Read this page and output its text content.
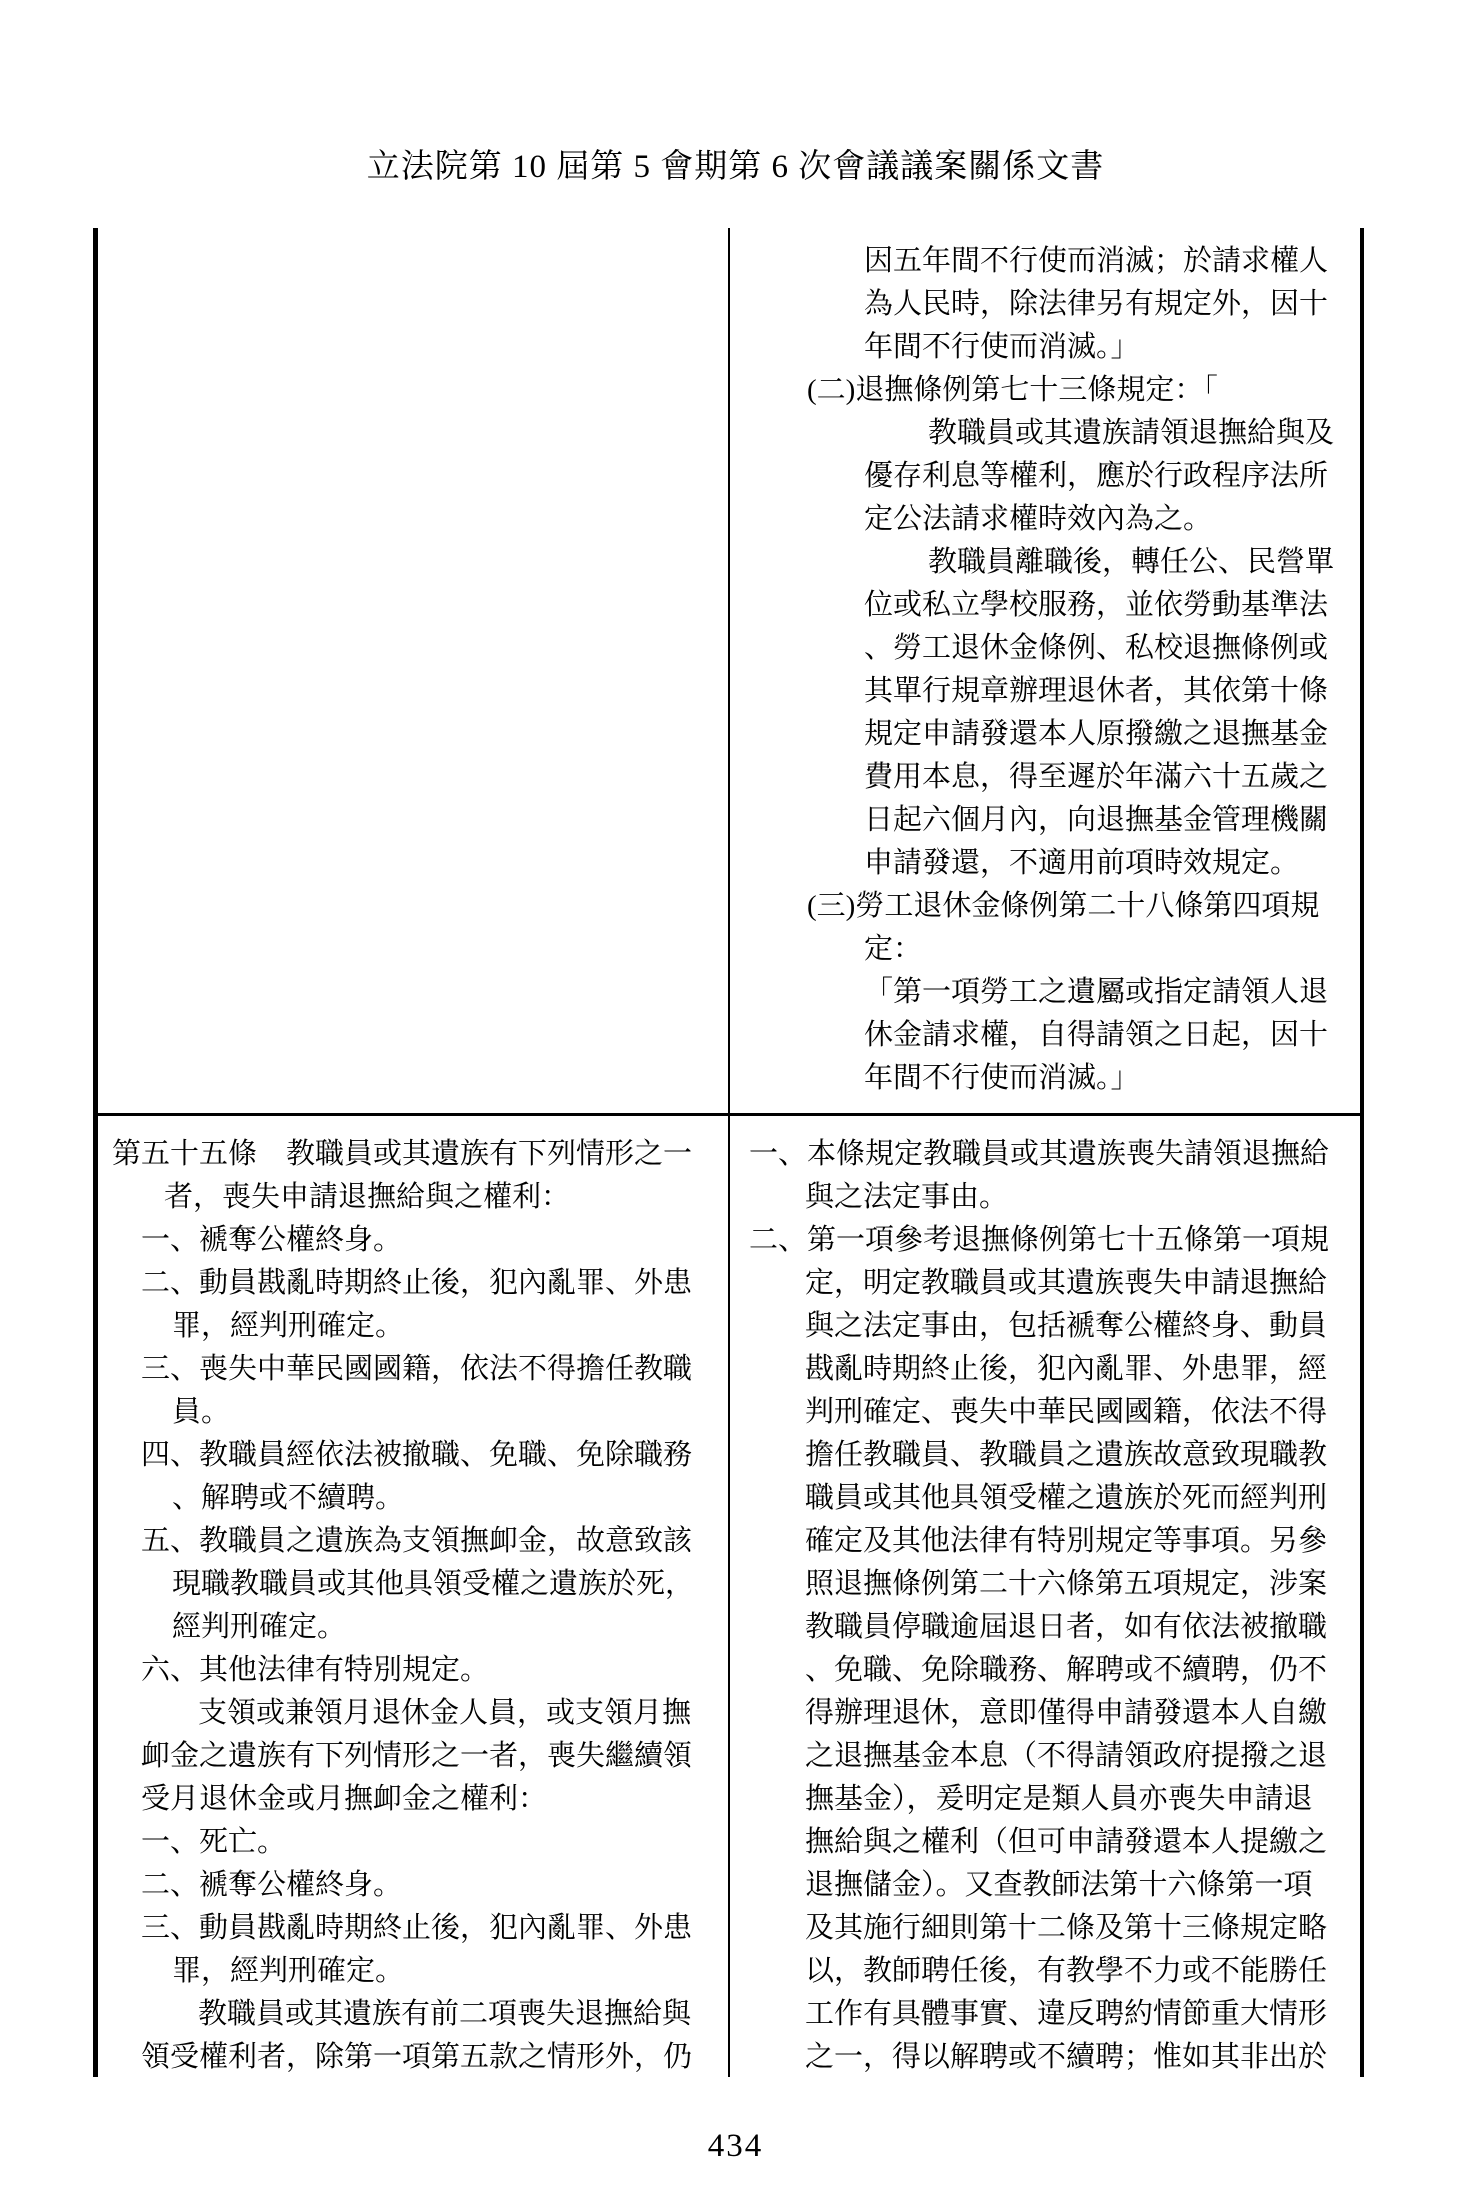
立法院第 10 屆第 5 會期第 6 次會議議案關係文書
因五年間不行使而消滅；於請求權人
為人民時，除法律另有規定外，因十
年間不行使而消滅。」
(二)退撫條例第七十三條規定：「
教職員或其遺族請領退撫給與及
優存利息等權利，應於行政程序法所
定公法請求權時效內為之。
教職員離職後，轉任公、民營單
位或私立學校服務，並依勞動基準法
、勞工退休金條例、私校退撫條例或
其單行規章辦理退休者，其依第十條
規定申請發還本人原撥繳之退撫基金
費用本息，得至遲於年滿六十五歲之
日起六個月內，向退撫基金管理機關
申請發還，不適用前項時效規定。
(三)勞工退休金條例第二十八條第四項規
定：
「第一項勞工之遺屬或指定請領人退
休金請求權，自得請領之日起，因十
年間不行使而消滅。」
第五十五條　教職員或其遺族有下列情形之一
者，喪失申請退撫給與之權利：
一、褫奪公權終身。
二、動員戡亂時期終止後，犯內亂罪、外患
罪，經判刑確定。
三、喪失中華民國國籍，依法不得擔任教職
員。
四、教職員經依法被撤職、免職、免除職務
、解聘或不續聘。
五、教職員之遺族為支領撫卹金，故意致該
現職教職員或其他具領受權之遺族於死，
經判刑確定。
六、其他法律有特別規定。
支領或兼領月退休金人員，或支領月撫
卹金之遺族有下列情形之一者，喪失繼續領
受月退休金或月撫卹金之權利：
一、死亡。
二、褫奪公權終身。
三、動員戡亂時期終止後，犯內亂罪、外患
罪，經判刑確定。
教職員或其遺族有前二項喪失退撫給與
領受權利者，除第一項第五款之情形外，仍
一、本條規定教職員或其遺族喪失請領退撫給
與之法定事由。
二、第一項參考退撫條例第七十五條第一項規
定，明定教職員或其遺族喪失申請退撫給
與之法定事由，包括褫奪公權終身、動員
戡亂時期終止後，犯內亂罪、外患罪，經
判刑確定、喪失中華民國國籍，依法不得
擔任教職員、教職員之遺族故意致現職教
職員或其他具領受權之遺族於死而經判刑
確定及其他法律有特別規定等事項。另參
照退撫條例第二十六條第五項規定，涉案
教職員停職逾屆退日者，如有依法被撤職
、免職、免除職務、解聘或不續聘，仍不
得辦理退休，意即僅得申請發還本人自繳
之退撫基金本息（不得請領政府提撥之退
撫基金），爰明定是類人員亦喪失申請退
撫給與之權利（但可申請發還本人提繳之
退撫儲金）。又查教師法第十六條第一項
及其施行細則第十二條及第十三條規定略
以，教師聘任後，有教學不力或不能勝任
工作有具體事實、違反聘約情節重大情形
之一，得以解聘或不續聘；惟如其非出於
434
